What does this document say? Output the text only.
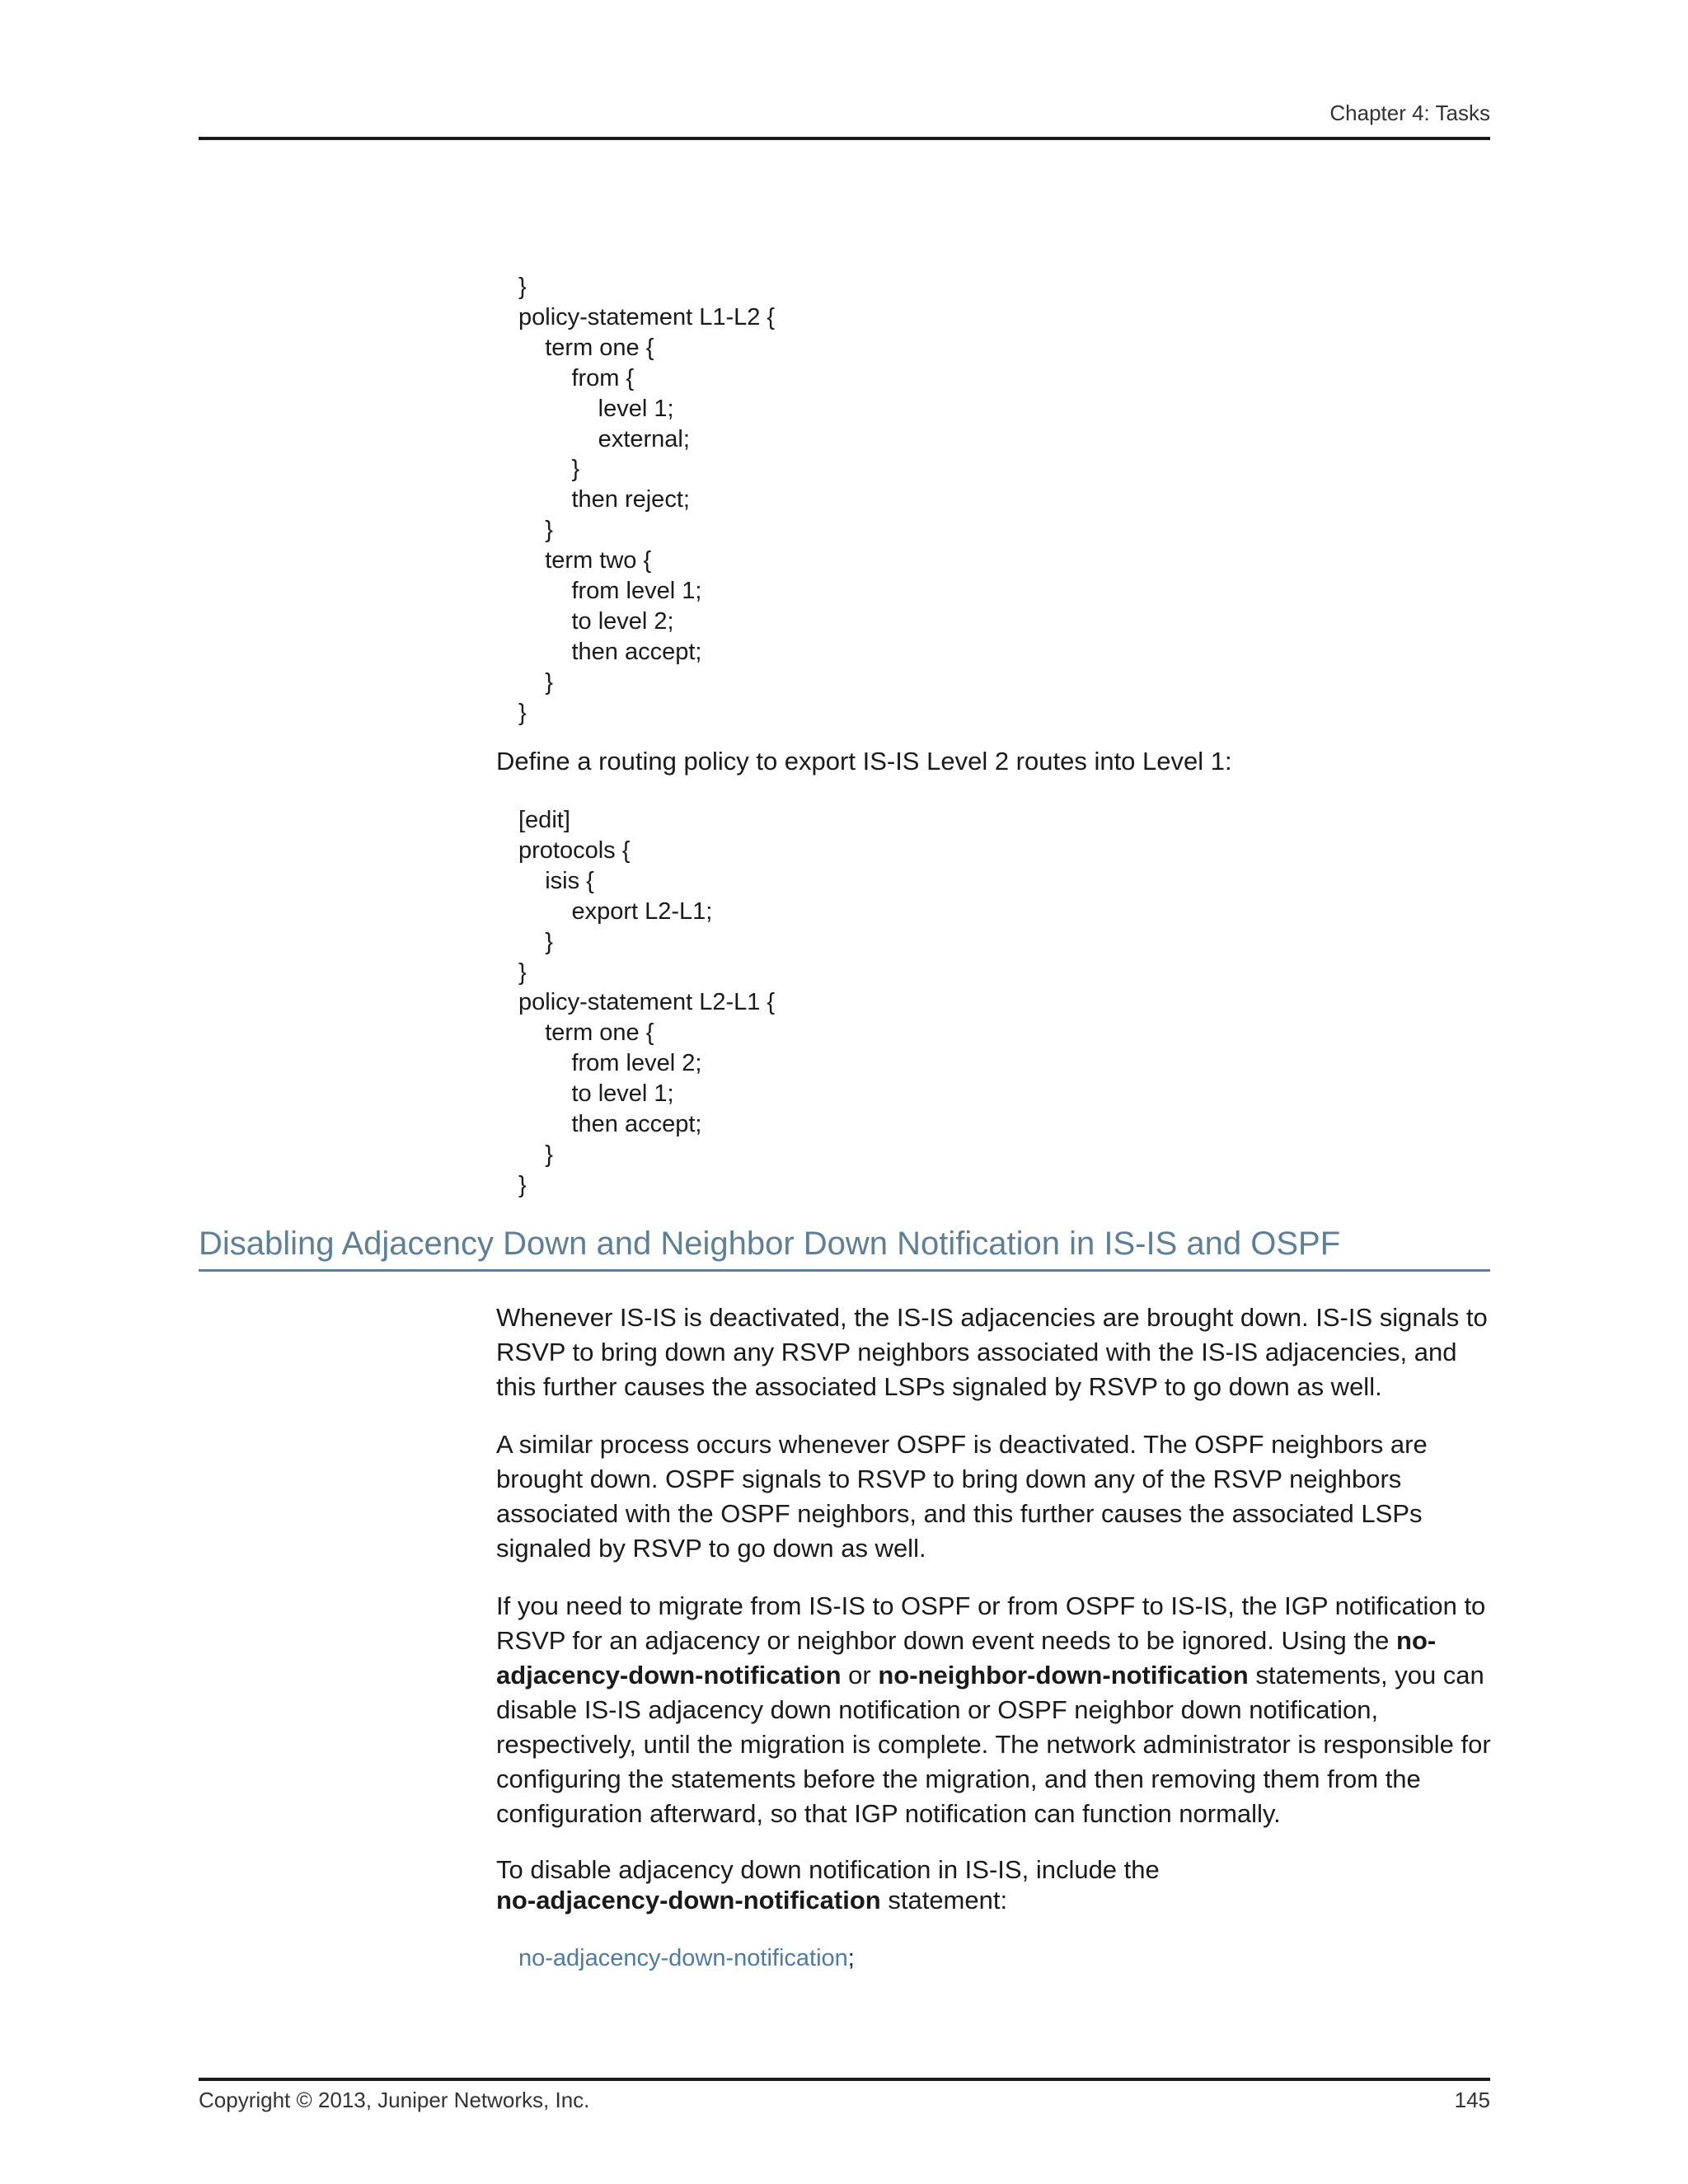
Chapter 4: Tasks
}
policy-statement L1-L2 {
term one {
from {
level 1;
external;
}
then reject;
}
term two {
from level 1;
to level 2;
then accept;
}
}

Define a routing policy to export IS-IS Level 2 routes into Level 1:

[edit]
protocols {
isis {
export L2-L1;
}
}
policy-statement L2-L1 {
term one {
from level 2;
to level 1;
then accept;
}
}
Disabling Adjacency Down and Neighbor Down Notification in IS-IS and OSPF

Whenever IS-IS is deactivated, the IS-IS adjacencies are brought down. IS-IS signals to RSVP to bring down any RSVP neighbors associated with the IS-IS adjacencies, and this further causes the associated LSPs signaled by RSVP to go down as well.

A similar process occurs whenever OSPF is deactivated. The OSPF neighbors are brought down. OSPF signals to RSVP to bring down any of the RSVP neighbors associated with the OSPF neighbors, and this further causes the associated LSPs signaled by RSVP to go down as well.

If you need to migrate from IS-IS to OSPF or from OSPF to IS-IS, the IGP notification to RSVP for an adjacency or neighbor down event needs to be ignored. Using the no-adjacency-down-notification or no-neighbor-down-notification statements, you can disable IS-IS adjacency down notification or OSPF neighbor down notification, respectively, until the migration is complete. The network administrator is responsible for configuring the statements before the migration, and then removing them from the configuration afterward, so that IGP notification can function normally.

To disable adjacency down notification in IS-IS, include the
no-adjacency-down-notification statement:

no-adjacency-down-notification;
Copyright © 2013, Juniper Networks, Inc.	145
